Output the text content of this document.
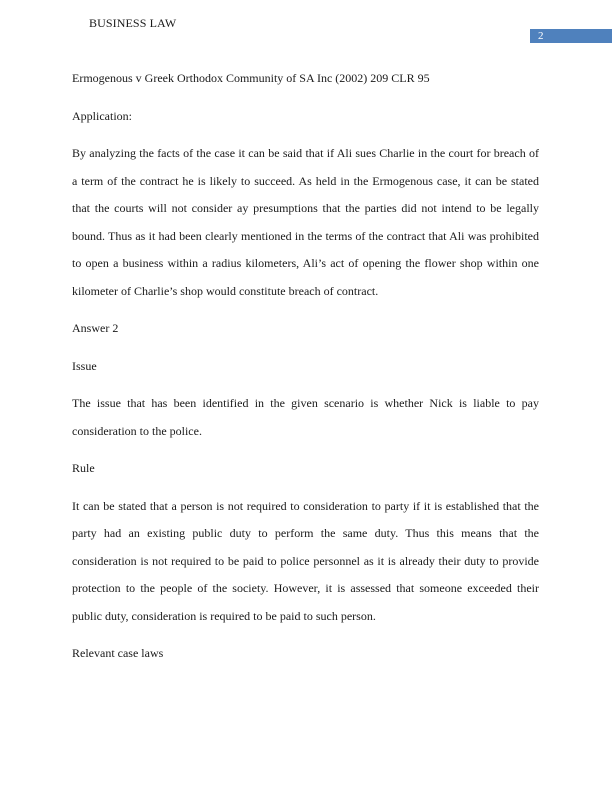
BUSINESS LAW
2

Ermogenous v Greek Orthodox Community of SA Inc (2002) 209 CLR 95

Application:

By analyzing the facts of the case it can be said that if Ali sues Charlie in the court for breach of a term of the contract he is likely to succeed. As held in the Ermogenous case, it can be stated that the courts will not consider ay presumptions that the parties did not intend to be legally bound. Thus as it had been clearly mentioned in the terms of the contract that Ali was prohibited to open a business within a radius kilometers, Ali’s act of opening the flower shop within one kilometer of Charlie’s shop would constitute breach of contract.

Answer 2

Issue

The issue that has been identified in the given scenario is whether Nick is liable to pay consideration to the police.

Rule

It can be stated that a person is not required to consideration to party if it is established that the party had an existing public duty to perform the same duty. Thus this means that the consideration is not required to be paid to police personnel as it is already their duty to provide protection to the people of the society. However, it is assessed that someone exceeded their public duty, consideration is required to be paid to such person.

Relevant case laws
